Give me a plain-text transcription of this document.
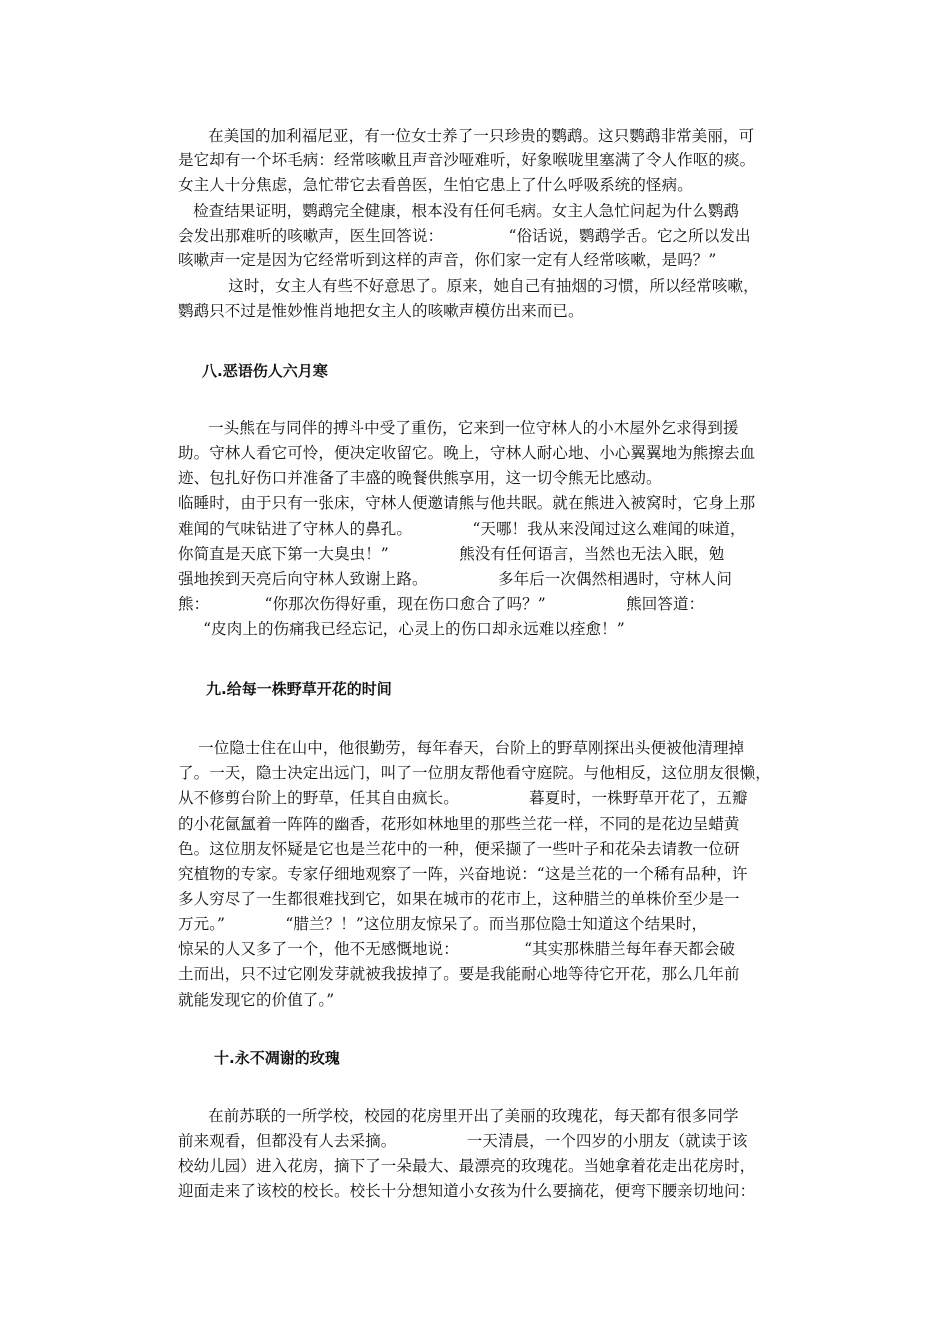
在美国的加利福尼亚，有一位女士养了一只珍贵的鹦鹉。这只鹦鹉非常美丽，可
是它却有一个坏毛病：经常咳嗽且声音沙哑难听，好象喉咙里塞满了令人作呕的痰。
女主人十分焦虑，急忙带它去看兽医，生怕它患上了什么呼吸系统的怪病。
检查结果证明，鹦鹉完全健康，根本没有任何毛病。女主人急忙问起为什么鹦鹉
会发出那难听的咳嗽声，医生回答说：             “俗话说，鹦鹉学舌。它之所以发出
咳嗽声一定是因为它经常听到这样的声音，你们家一定有人经常咳嗽，是吗？”
这时，女主人有些不好意思了。原来，她自己有抽烟的习惯，所以经常咳嗽，
鹦鹉只不过是惟妙惟肖地把女主人的咳嗽声模仿出来而已。
八.恶语伤人六月寒
一头熊在与同伴的搏斗中受了重伤，它来到一位守林人的小木屋外乞求得到援
助。守林人看它可怜，便决定收留它。晚上，守林人耐心地、小心翼翼地为熊擦去血
迹、包扎好伤口并准备了丰盛的晚餐供熊享用，这一切令熊无比感动。
临睡时，由于只有一张床，守林人便邀请熊与他共眠。就在熊进入被窝时，它身上那
难闻的气味钻进了守林人的鼻孔。            “天哪！我从来没闻过这么难闻的味道，
你简直是天底下第一大臭虫！”              熊没有任何语言，当然也无法入眠，勉
强地挨到天亮后向守林人致谢上路。              多年后一次偶然相遇时，守林人问
熊：           “你那次伤得好重，现在伤口愈合了吗？”                熊回答道：
“皮肉上的伤痛我已经忘记，心灵上的伤口却永远难以痊愈！”
九.给每一株野草开花的时间
一位隐士住在山中，他很勤劳，每年春天，台阶上的野草刚探出头便被他清理掉
了。一天，隐士决定出远门，叫了一位朋友帮他看守庭院。与他相反，这位朋友很懒，
从不修剪台阶上的野草，任其自由疯长。              暮夏时，一株野草开花了，五瓣
的小花氤氲着一阵阵的幽香，花形如林地里的那些兰花一样，不同的是花边呈蜡黄
色。这位朋友怀疑是它也是兰花中的一种，便采撷了一些叶子和花朵去请教一位研
究植物的专家。专家仔细地观察了一阵，兴奋地说：“这是兰花的一个稀有品种，许
多人穷尽了一生都很难找到它，如果在城市的花市上，这种腊兰的单株价至少是一
万元。”            “腊兰？！”这位朋友惊呆了。而当那位隐士知道这个结果时，
惊呆的人又多了一个，他不无感慨地说：             “其实那株腊兰每年春天都会破
土而出，只不过它刚发芽就被我拔掉了。要是我能耐心地等待它开花，那么几年前
就能发现它的价值了。”
十.永不凋谢的玫瑰
在前苏联的一所学校，校园的花房里开出了美丽的玫瑰花，每天都有很多同学
前来观看，但都没有人去采摘。              一天清晨，一个四岁的小朋友（就读于该
校幼儿园）进入花房，摘下了一朵最大、最漂亮的玫瑰花。当她拿着花走出花房时，
迎面走来了该校的校长。校长十分想知道小女孩为什么要摘花，便弯下腰亲切地问：
